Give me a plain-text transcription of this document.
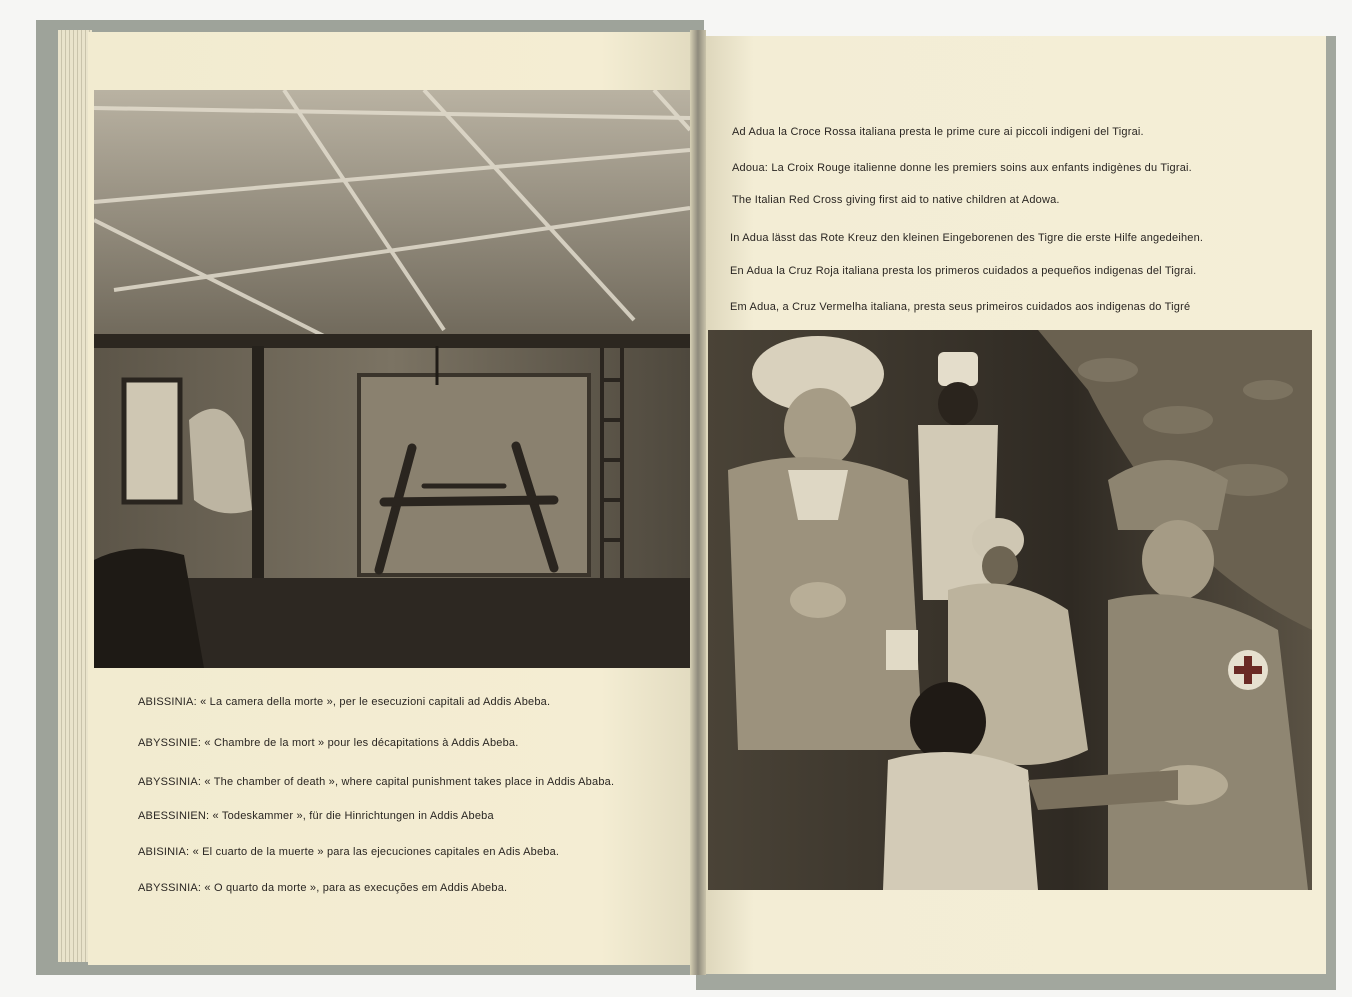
ABISSINIA: « La camera della morte », per le esecuzioni capitali ad Addis Abeba.

ABYSSINIE: « Chambre de la mort » pour les décapitations à Addis Abeba.

ABYSSINIA: « The chamber of death », where capital punishment takes place in Addis Ababa.

ABESSINIEN: « Todeskammer », für die Hinrichtungen in Addis Abeba

ABISINIA: « El cuarto de la muerte » para las ejecuciones capitales en Adis Abeba.

ABYSSINIA: « O quarto da morte », para as execuções em Addis Abeba.

Ad Adua la Croce Rossa italiana presta le prime cure ai piccoli indigeni del Tigrai.

Adoua: La Croix Rouge italienne donne les premiers soins aux enfants indigènes du Tigrai.

The Italian Red Cross giving first aid to native children at Adowa.

In Adua lässt das Rote Kreuz den kleinen Eingeborenen des Tigre die erste Hilfe angedeihen.

En Adua la Cruz Roja italiana presta los primeros cuidados a pequeños indigenas del Tigrai.

Em Adua, a Cruz Vermelha italiana, presta seus primeiros cuidados aos indigenas do Tigré
